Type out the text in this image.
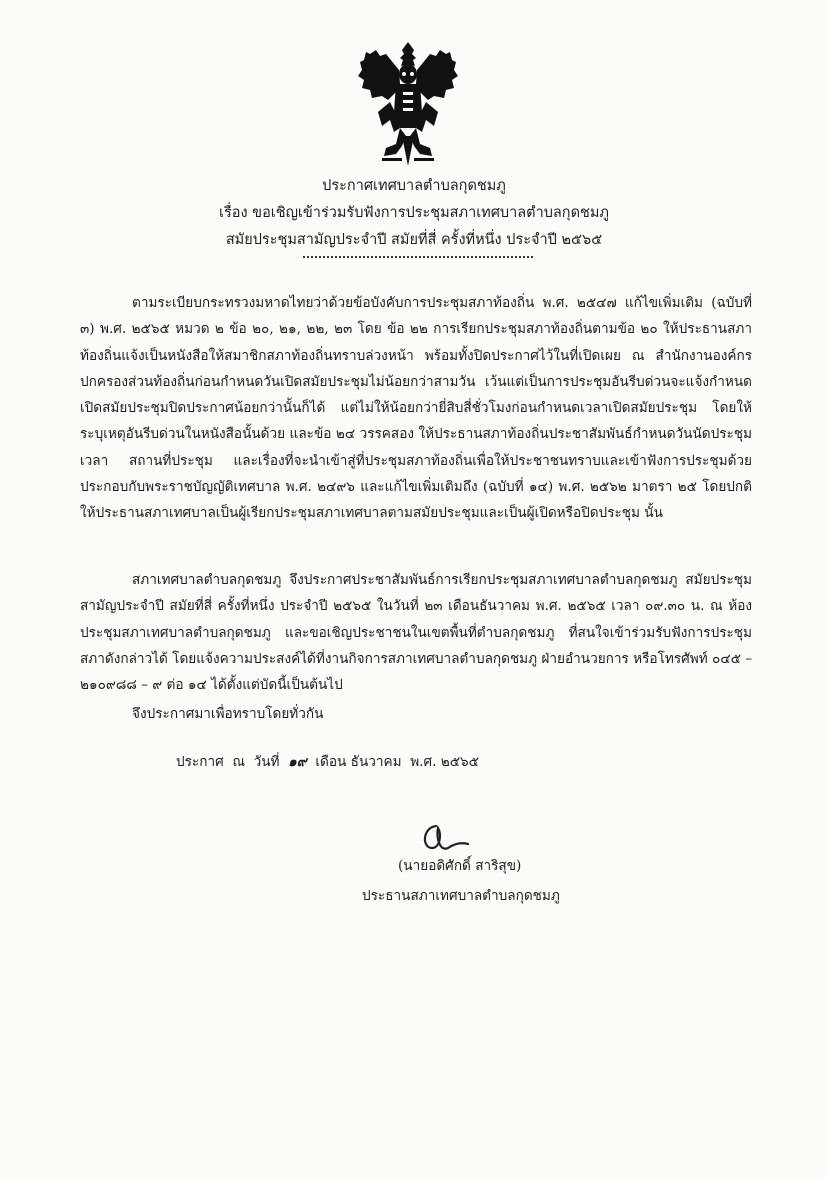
ประกาศเทศบาลตำบลกุดชมภู
เรื่อง ขอเชิญเข้าร่วมรับฟังการประชุมสภาเทศบาลตำบลกุดชมภู
สมัยประชุมสามัญประจำปี สมัยที่สี่ ครั้งที่หนึ่ง ประจำปี ๒๕๖๕
ตามระเบียบกระทรวงมหาดไทยว่าด้วยข้อบังคับการประชุมสภาท้องถิ่น พ.ศ. ๒๕๔๗ แก้ไขเพิ่มเติม (ฉบับที่ ๓) พ.ศ. ๒๕๖๕ หมวด ๒ ข้อ ๒๐, ๒๑, ๒๒, ๒๓ โดย ข้อ ๒๒ การเรียกประชุมสภาท้องถิ่นตามข้อ ๒๐ ให้ประธานสภาท้องถิ่นแจ้งเป็นหนังสือให้สมาชิกสภาท้องถิ่นทราบล่วงหน้า พร้อมทั้งปิดประกาศไว้ในที่เปิดเผย ณ สำนักงานองค์กรปกครองส่วนท้องถิ่นก่อนกำหนดวันเปิดสมัยประชุมไม่น้อยกว่าสามวัน เว้นแต่เป็นการประชุมอันรีบด่วนจะแจ้งกำหนดเปิดสมัยประชุมปิดประกาศน้อยกว่านั้นก็ได้ แต่ไม่ให้น้อยกว่ายี่สิบสี่ชั่วโมงก่อนกำหนดเวลาเปิดสมัยประชุม โดยให้ระบุเหตุอันรีบด่วนในหนังสือนั้นด้วย และข้อ ๒๔ วรรคสอง ให้ประธานสภาท้องถิ่นประชาสัมพันธ์กำหนดวันนัดประชุม เวลา สถานที่ประชุม และเรื่องที่จะนำเข้าสู่ที่ประชุมสภาท้องถิ่นเพื่อให้ประชาชนทราบและเข้าฟังการประชุมด้วย ประกอบกับพระราชบัญญัติเทศบาล พ.ศ. ๒๔๙๖ และแก้ไขเพิ่มเติมถึง (ฉบับที่ ๑๔) พ.ศ. ๒๕๖๒ มาตรา ๒๕ โดยปกติให้ประธานสภาเทศบาลเป็นผู้เรียกประชุมสภาเทศบาลตามสมัยประชุมและเป็นผู้เปิดหรือปิดประชุม นั้น
สภาเทศบาลตำบลกุดชมภู จึงประกาศประชาสัมพันธ์การเรียกประชุมสภาเทศบาลตำบลกุดชมภู สมัยประชุมสามัญประจำปี สมัยที่สี่ ครั้งที่หนึ่ง ประจำปี ๒๕๖๕ ในวันที่ ๒๓ เดือนธันวาคม พ.ศ. ๒๕๖๕ เวลา ๐๙.๓๐ น. ณ ห้องประชุมสภาเทศบาลตำบลกุดชมภู และขอเชิญประชาชนในเขตพื้นที่ตำบลกุดชมภู ที่สนใจเข้าร่วมรับฟังการประชุมสภาดังกล่าวได้ โดยแจ้งความประสงค์ได้ที่งานกิจการสภาเทศบาลตำบลกุดชมภู ฝ่ายอำนวยการ หรือโทรศัพท์ ๐๔๕ – ๒๑๐๙๘๘ – ๙ ต่อ ๑๔ ได้ตั้งแต่บัดนี้เป็นต้นไป
จึงประกาศมาเพื่อทราบโดยทั่วกัน
ประกาศ  ณ  วันที่  ๑๙  เดือน ธันวาคม  พ.ศ. ๒๕๖๕
(นายอดิศักดิ์ สาริสุข)
ประธานสภาเทศบาลตำบลกุดชมภู
